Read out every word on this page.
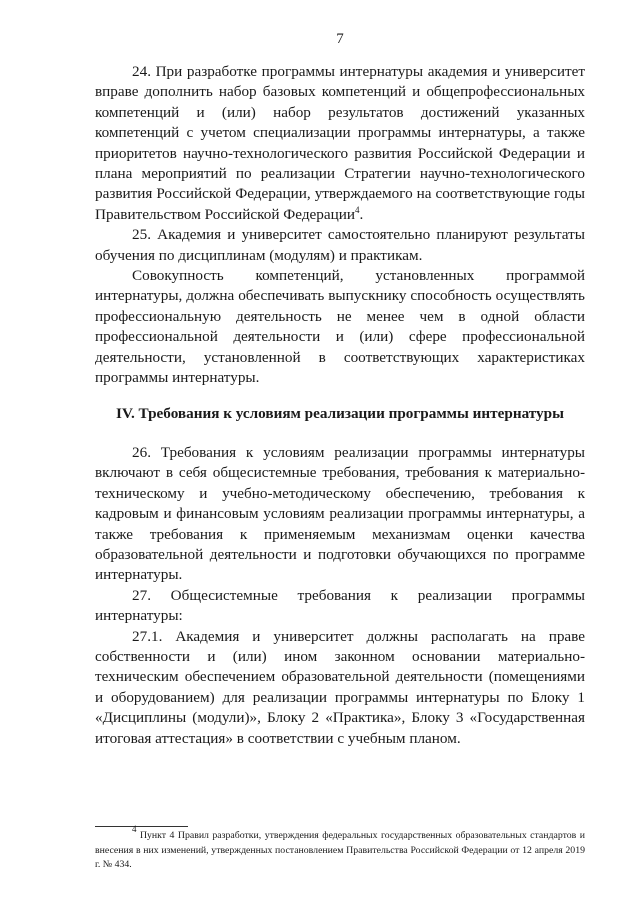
7

24. При разработке программы интернатуры академия и университет вправе дополнить набор базовых компетенций и общепрофессиональных компетенций и (или) набор результатов достижений указанных компетенций с учетом специализации программы интернатуры, а также приоритетов научно-технологического развития Российской Федерации и плана мероприятий по реализации Стратегии научно-технологического развития Российской Федерации, утверждаемого на соответствующие годы Правительством Российской Федерации$^4$.

25. Академия и университет самостоятельно планируют результаты обучения по дисциплинам (модулям) и практикам.

Совокупность компетенций, установленных программой интернатуры, должна обеспечивать выпускнику способность осуществлять профессиональную деятельность не менее чем в одной области профессиональной деятельности и (или) сфере профессиональной деятельности, установленной в соответствующих характеристиках программы интернатуры.

IV. Требования к условиям реализации программы интернатуры

26. Требования к условиям реализации программы интернатуры включают в себя общесистемные требования, требования к материально-техническому и учебно-методическому обеспечению, требования к кадровым и финансовым условиям реализации программы интернатуры, а также требования к применяемым механизмам оценки качества образовательной деятельности и подготовки обучающихся по программе интернатуры.

27. Общесистемные требования к реализации программы интернатуры:

27.1. Академия и университет должны располагать на праве собственности и (или) ином законном основании материально-техническим обеспечением образовательной деятельности (помещениями и оборудованием) для реализации программы интернатуры по Блоку 1 «Дисциплины (модули)», Блоку 2 «Практика», Блоку 3 «Государственная итоговая аттестация» в соответствии с учебным планом.

$^4$ Пункт 4 Правил разработки, утверждения федеральных государственных образовательных стандартов и внесения в них изменений, утвержденных постановлением Правительства Российской Федерации от 12 апреля 2019 г. № 434.
